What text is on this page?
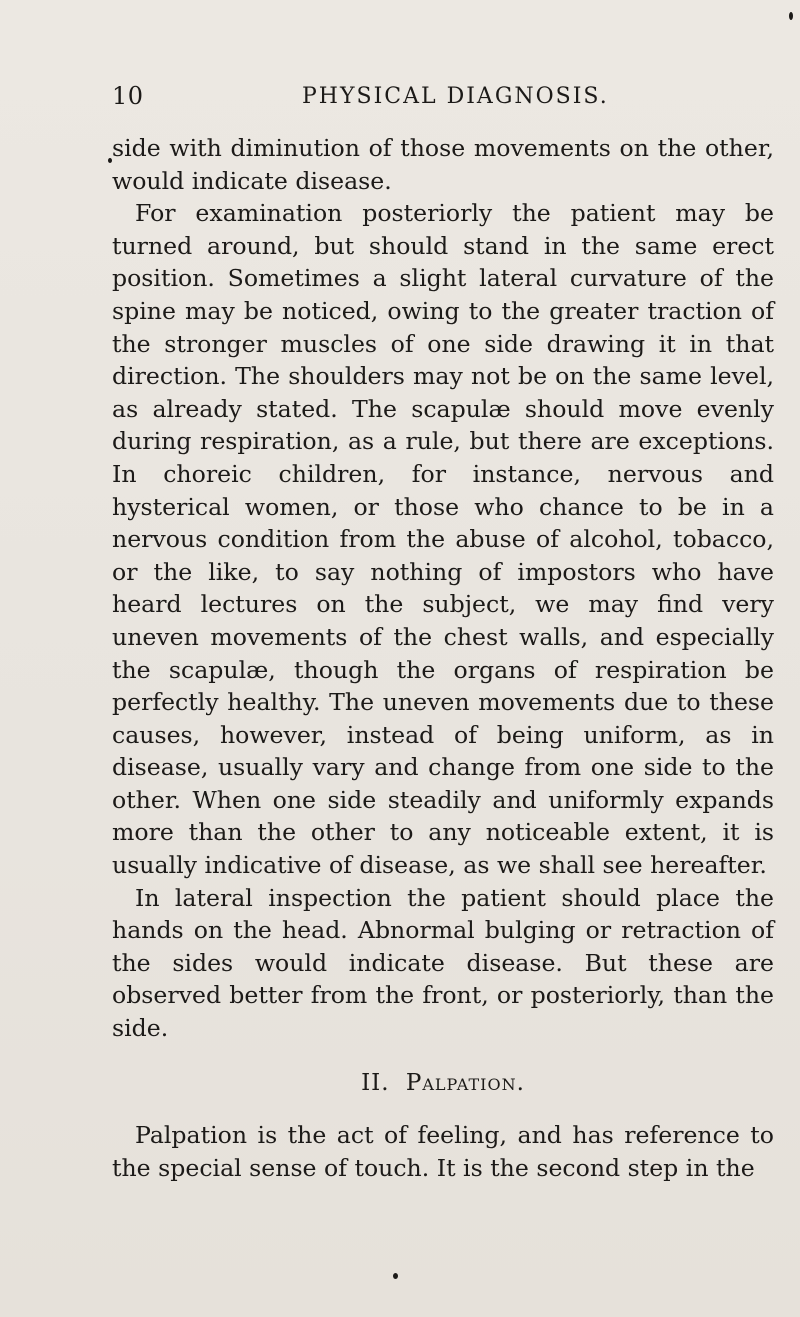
10	PHYSICAL DIAGNOSIS.

side with diminution of those movements on the other, would indicate disease.

For examination posteriorly the patient may be turned around, but should stand in the same erect position. Sometimes a slight lateral curvature of the spine may be noticed, owing to the greater traction of the stronger muscles of one side drawing it in that direction. The shoulders may not be on the same level, as already stated. The scapulæ should move evenly during respiration, as a rule, but there are exceptions. In choreic children, for instance, nervous and hysterical women, or those who chance to be in a nervous condition from the abuse of alcohol, tobacco, or the like, to say nothing of impostors who have heard lectures on the subject, we may find very uneven movements of the chest walls, and especially the scapulæ, though the organs of respiration be perfectly healthy. The uneven movements due to these causes, however, instead of being uniform, as in disease, usually vary and change from one side to the other. When one side steadily and uniformly expands more than the other to any noticeable extent, it is usually indicative of disease, as we shall see hereafter.

In lateral inspection the patient should place the hands on the head. Abnormal bulging or retraction of the sides would indicate disease. But these are observed better from the front, or posteriorly, than the side.

II. Palpation.

Palpation is the act of feeling, and has reference to the special sense of touch. It is the second step in the
